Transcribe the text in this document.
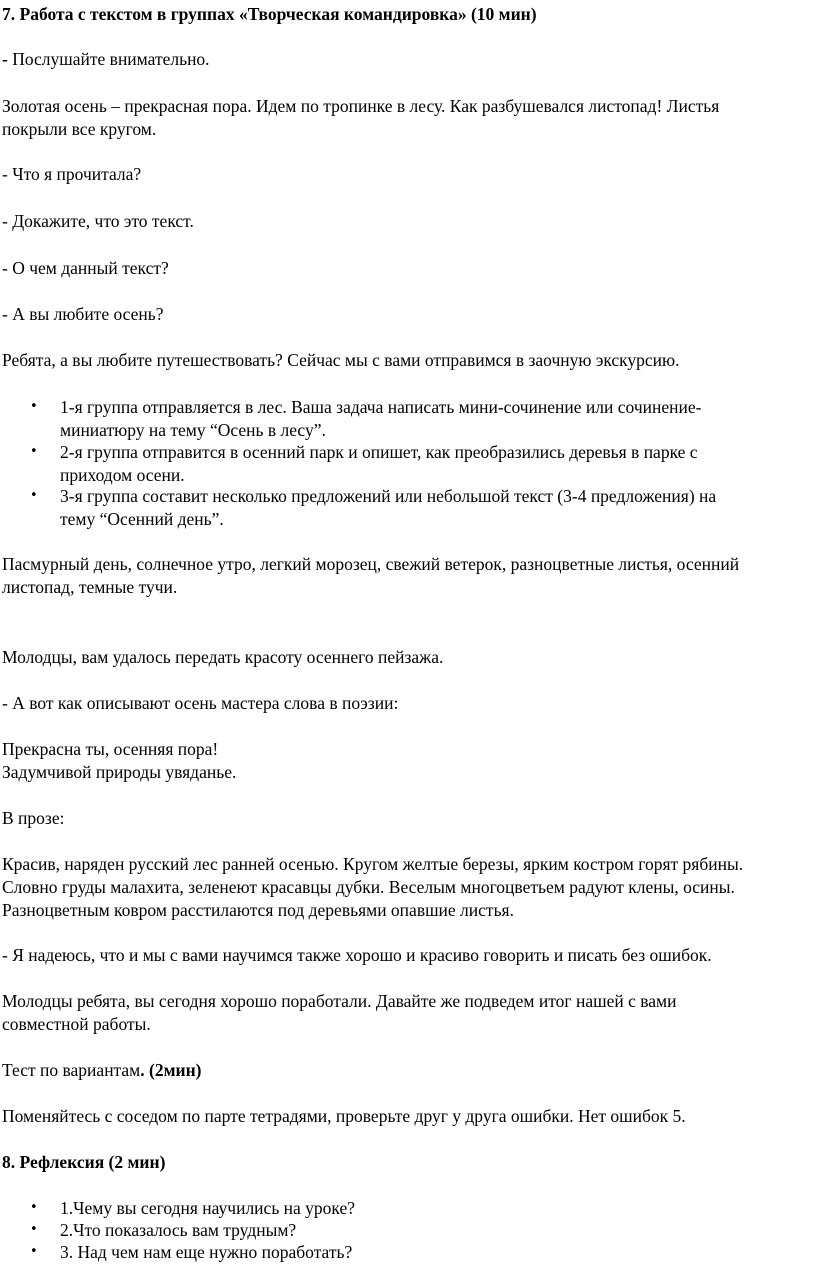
7. Работа с текстом в группах «Творческая командировка» (10 мин)
- Послушайте внимательно.
Золотая осень – прекрасная пора. Идем по тропинке в лесу. Как разбушевался листопад! Листья
покрыли все кругом.
- Что я прочитала?
- Докажите, что это текст.
- О чем данный текст?
- А вы любите осень?
Ребята, а вы любите путешествовать? Сейчас мы с вами отправимся в заочную экскурсию.
• 1-я группа отправляется в лес. Ваша задача написать мини-сочинение или сочинение-
миниатюру на тему “Осень в лесу”.
• 2-я группа отправится в осенний парк и опишет, как преобразились деревья в парке с
приходом осени.
• 3-я группа составит несколько предложений или небольшой текст (3-4 предложения) на
тему “Осенний день”.
Пасмурный день, солнечное утро, легкий морозец, свежий ветерок, разноцветные листья, осенний
листопад, темные тучи.
Молодцы, вам удалось передать красоту осеннего пейзажа.
- А вот как описывают осень мастера слова в поэзии:
Прекрасна ты, осенняя пора!
Задумчивой природы увяданье.
В прозе:
Красив, наряден русский лес ранней осенью. Кругом желтые березы, ярким костром горят рябины.
Словно груды малахита, зеленеют красавцы дубки. Веселым многоцветьем радуют клены, осины.
Разноцветным ковром расстилаются под деревьями опавшие листья.
- Я надеюсь, что и мы с вами научимся также хорошо и красиво говорить и писать без ошибок.
Молодцы ребята, вы сегодня хорошо поработали. Давайте же подведем итог нашей с вами
совместной работы.
Тест по вариантам. (2мин)
Поменяйтесь с соседом по парте тетрадями, проверьте друг у друга ошибки. Нет ошибок 5.
8. Рефлексия (2 мин)
• 1.Чему вы сегодня научились на уроке?
• 2.Что показалось вам трудным?
• 3. Над чем нам еще нужно поработать?
